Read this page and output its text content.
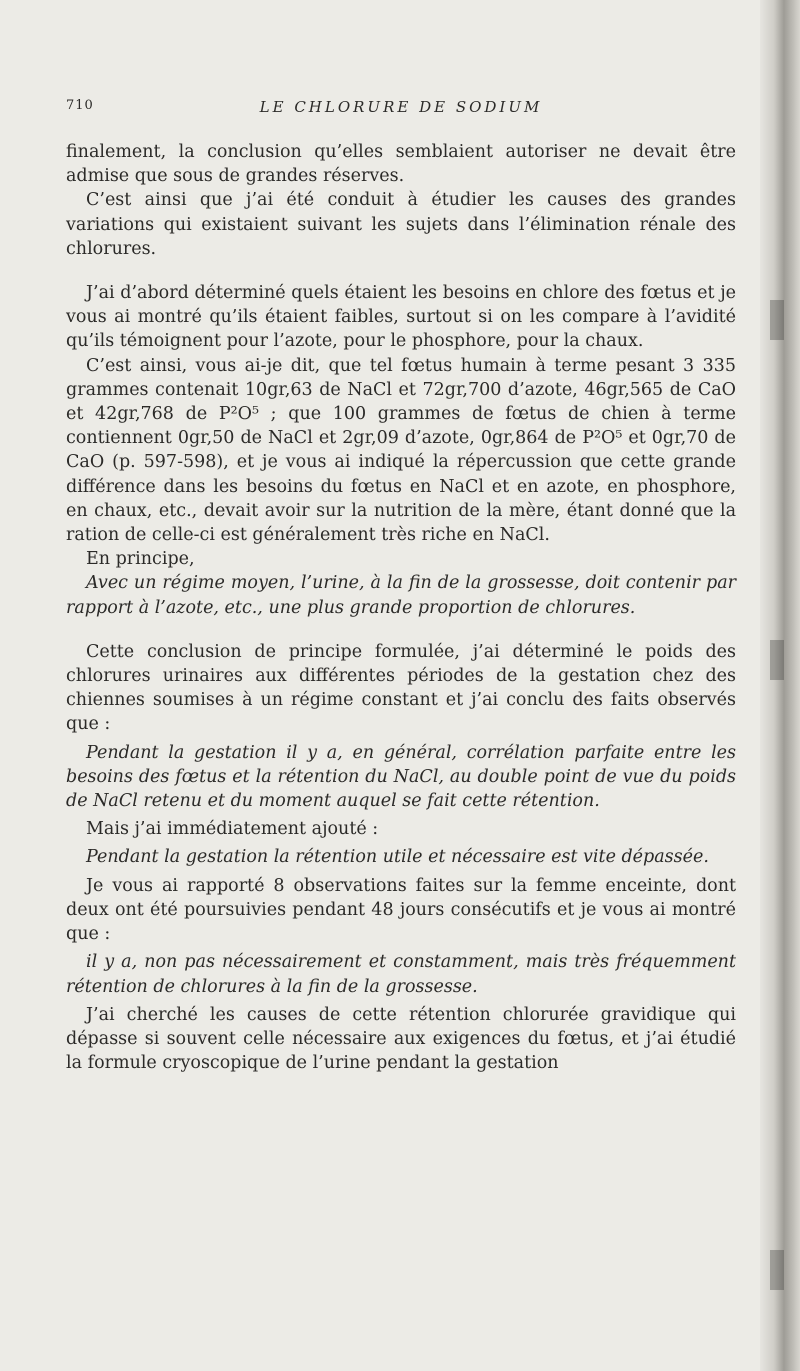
710	LE CHLORURE DE SODIUM

finalement, la conclusion qu’elles semblaient autoriser ne devait être admise que sous de grandes réserves.

C’est ainsi que j’ai été conduit à étudier les causes des grandes variations qui existaient suivant les sujets dans l’élimination rénale des chlorures.

J’ai d’abord déterminé quels étaient les besoins en chlore des fœtus et je vous ai montré qu’ils étaient faibles, surtout si on les compare à l’avidité qu’ils témoignent pour l’azote, pour le phosphore, pour la chaux.

C’est ainsi, vous ai-je dit, que tel fœtus humain à terme pesant 3 335 grammes contenait 10gr,63 de NaCl et 72gr,700 d’azote, 46gr,565 de CaO et 42gr,768 de P²O⁵ ; que 100 grammes de fœtus de chien à terme contiennent 0gr,50 de NaCl et 2gr,09 d’azote, 0gr,864 de P²O⁵ et 0gr,70 de CaO (p. 597-598), et je vous ai indiqué la répercussion que cette grande différence dans les besoins du fœtus en NaCl et en azote, en phosphore, en chaux, etc., devait avoir sur la nutrition de la mère, étant donné que la ration de celle-ci est généralement très riche en NaCl.

En principe,

Avec un régime moyen, l’urine, à la fin de la grossesse, doit contenir par rapport à l’azote, etc., une plus grande proportion de chlorures.

Cette conclusion de principe formulée, j’ai déterminé le poids des chlorures urinaires aux différentes périodes de la gestation chez des chiennes soumises à un régime constant et j’ai conclu des faits observés que :

Pendant la gestation il y a, en général, corrélation parfaite entre les besoins des fœtus et la rétention du NaCl, au double point de vue du poids de NaCl retenu et du moment auquel se fait cette rétention.

Mais j’ai immédiatement ajouté :

Pendant la gestation la rétention utile et nécessaire est vite dépassée.

Je vous ai rapporté 8 observations faites sur la femme enceinte, dont deux ont été poursuivies pendant 48 jours consécutifs et je vous ai montré que :

il y a, non pas nécessairement et constamment, mais très fréquemment rétention de chlorures à la fin de la grossesse.

J’ai cherché les causes de cette rétention chlorurée gravidique qui dépasse si souvent celle nécessaire aux exigences du fœtus, et j’ai étudié la formule cryoscopique de l’urine pendant la gestation
